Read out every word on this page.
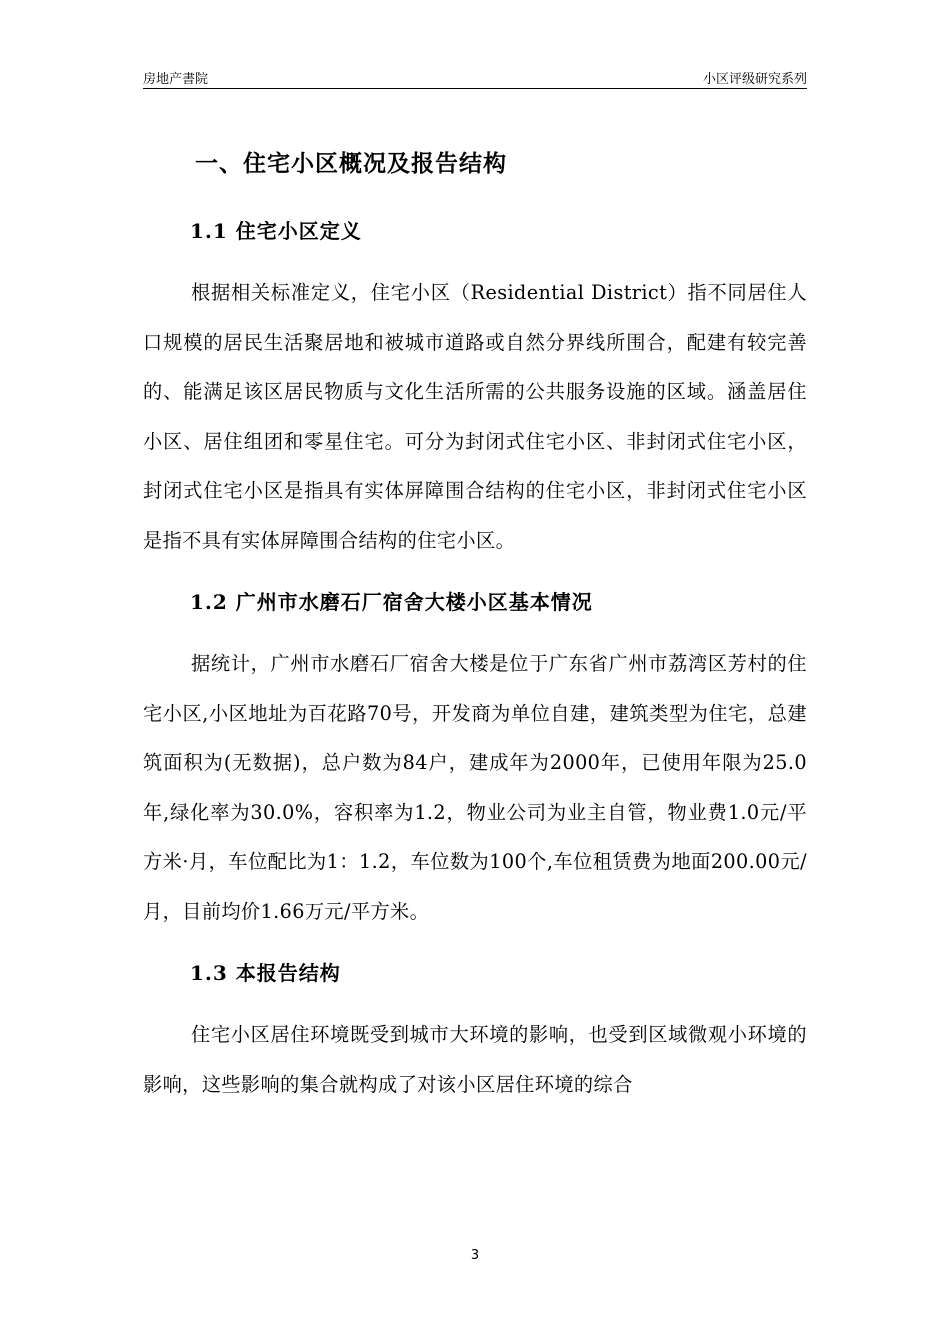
房地产書院	小区评级研究系列
一、住宅小区概况及报告结构
1.1 住宅小区定义

根据相关标准定义，住宅小区（Residential District）指不同居住人口规模的居民生活聚居地和被城市道路或自然分界线所围合，配建有较完善的、能满足该区居民物质与文化生活所需的公共服务设施的区域。涵盖居住小区、居住组团和零星住宅。可分为封闭式住宅小区、非封闭式住宅小区，封闭式住宅小区是指具有实体屏障围合结构的住宅小区，非封闭式住宅小区是指不具有实体屏障围合结构的住宅小区。

1.2 广州市水磨石厂宿舍大楼小区基本情况

据统计，广州市水磨石厂宿舍大楼是位于广东省广州市荔湾区芳村的住宅小区,小区地址为百花路70号，开发商为单位自建，建筑类型为住宅，总建筑面积为(无数据)，总户数为84户，建成年为2000年，已使用年限为25.0年,绿化率为30.0%，容积率为1.2，物业公司为业主自管，物业费1.0元/平方米·月，车位配比为1：1.2，车位数为100个,车位租赁费为地面200.00元/月，目前均价1.66万元/平方米。

1.3 本报告结构

住宅小区居住环境既受到城市大环境的影响，也受到区域微观小环境的影响，这些影响的集合就构成了对该小区居住环境的综合

3
